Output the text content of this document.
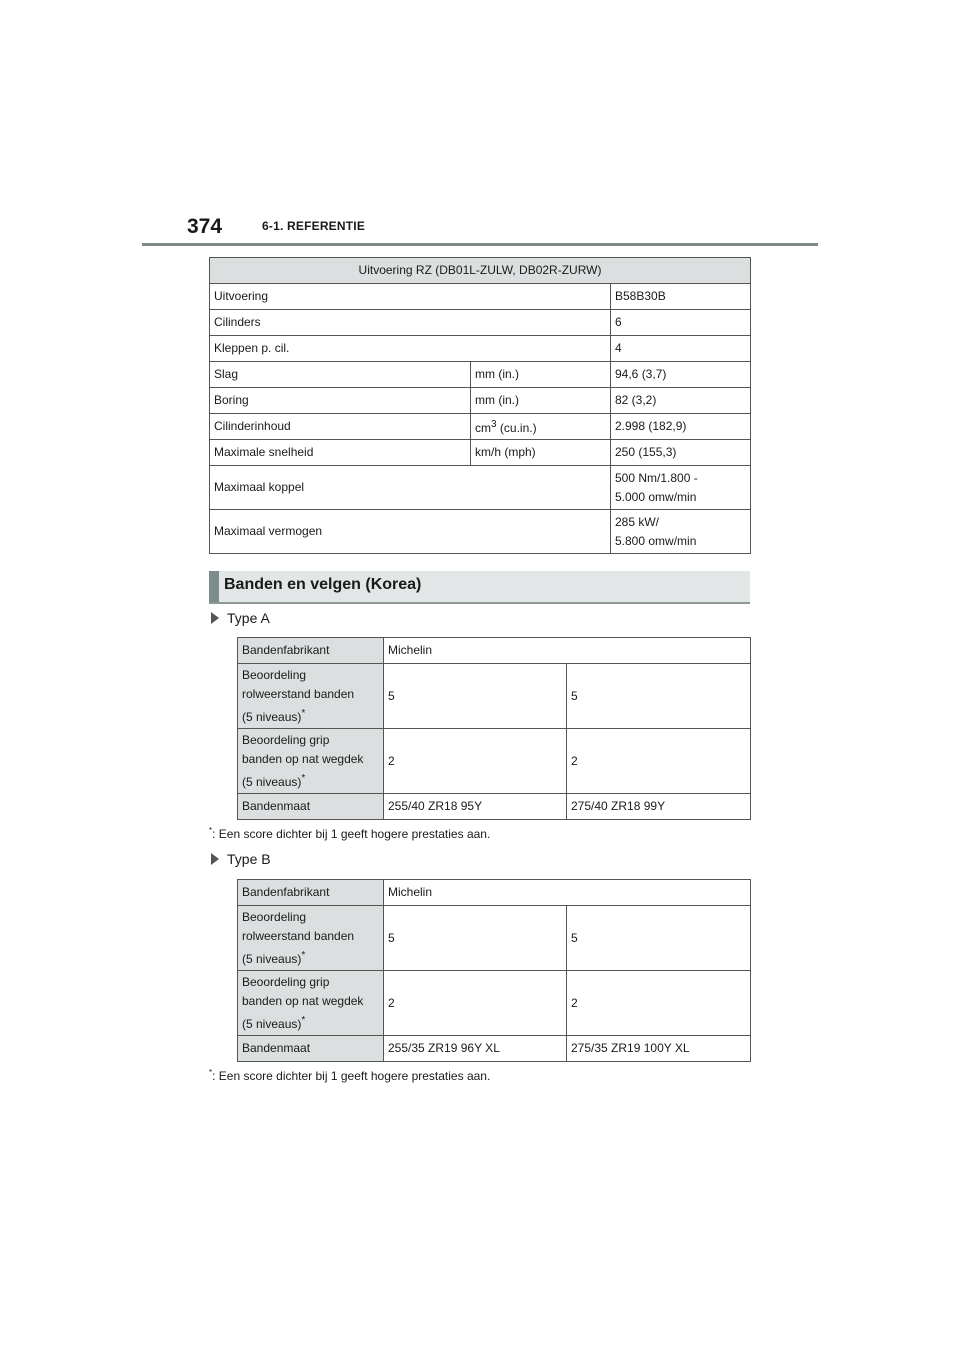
374	6-1. REFERENTIE
Uitvoering RZ (DB01L-ZULW, DB02R-ZURW)		
Uitvoering		B58B30B
Cilinders		6
Kleppen p. cil.		4
Slag	mm (in.)	94,6 (3,7)
Boring	mm (in.)	82 (3,2)
Cilinderinhoud	$cm^3$ (cu.in.)	2.998 (182,9)
Maximale snelheid	km/h (mph)	250 (155,3)
Maximaal koppel		500 Nm/1.800 -
5.000 omw/min

Maximaal vermogen		285 kW/
5.800 omw/min
Banden en velgen (Korea)
Type A
Bandenfabrikant	Michelin	

Beoordeling
rolweerstand banden
(5 niveaus)*	5	5

Beoordeling grip
banden op nat wegdek
(5 niveaus)*	2	2
Bandenmaat	255/40 ZR18 95Y	275/40 ZR18 99Y
*: Een score dichter bij 1 geeft hogere prestaties aan.
Type B
Bandenfabrikant	Michelin	

Beoordeling
rolweerstand banden
(5 niveaus)*	5	5

Beoordeling grip
banden op nat wegdek
(5 niveaus)*	2	2
Bandenmaat	255/35 ZR19 96Y XL	275/35 ZR19 100Y XL
*: Een score dichter bij 1 geeft hogere prestaties aan.
